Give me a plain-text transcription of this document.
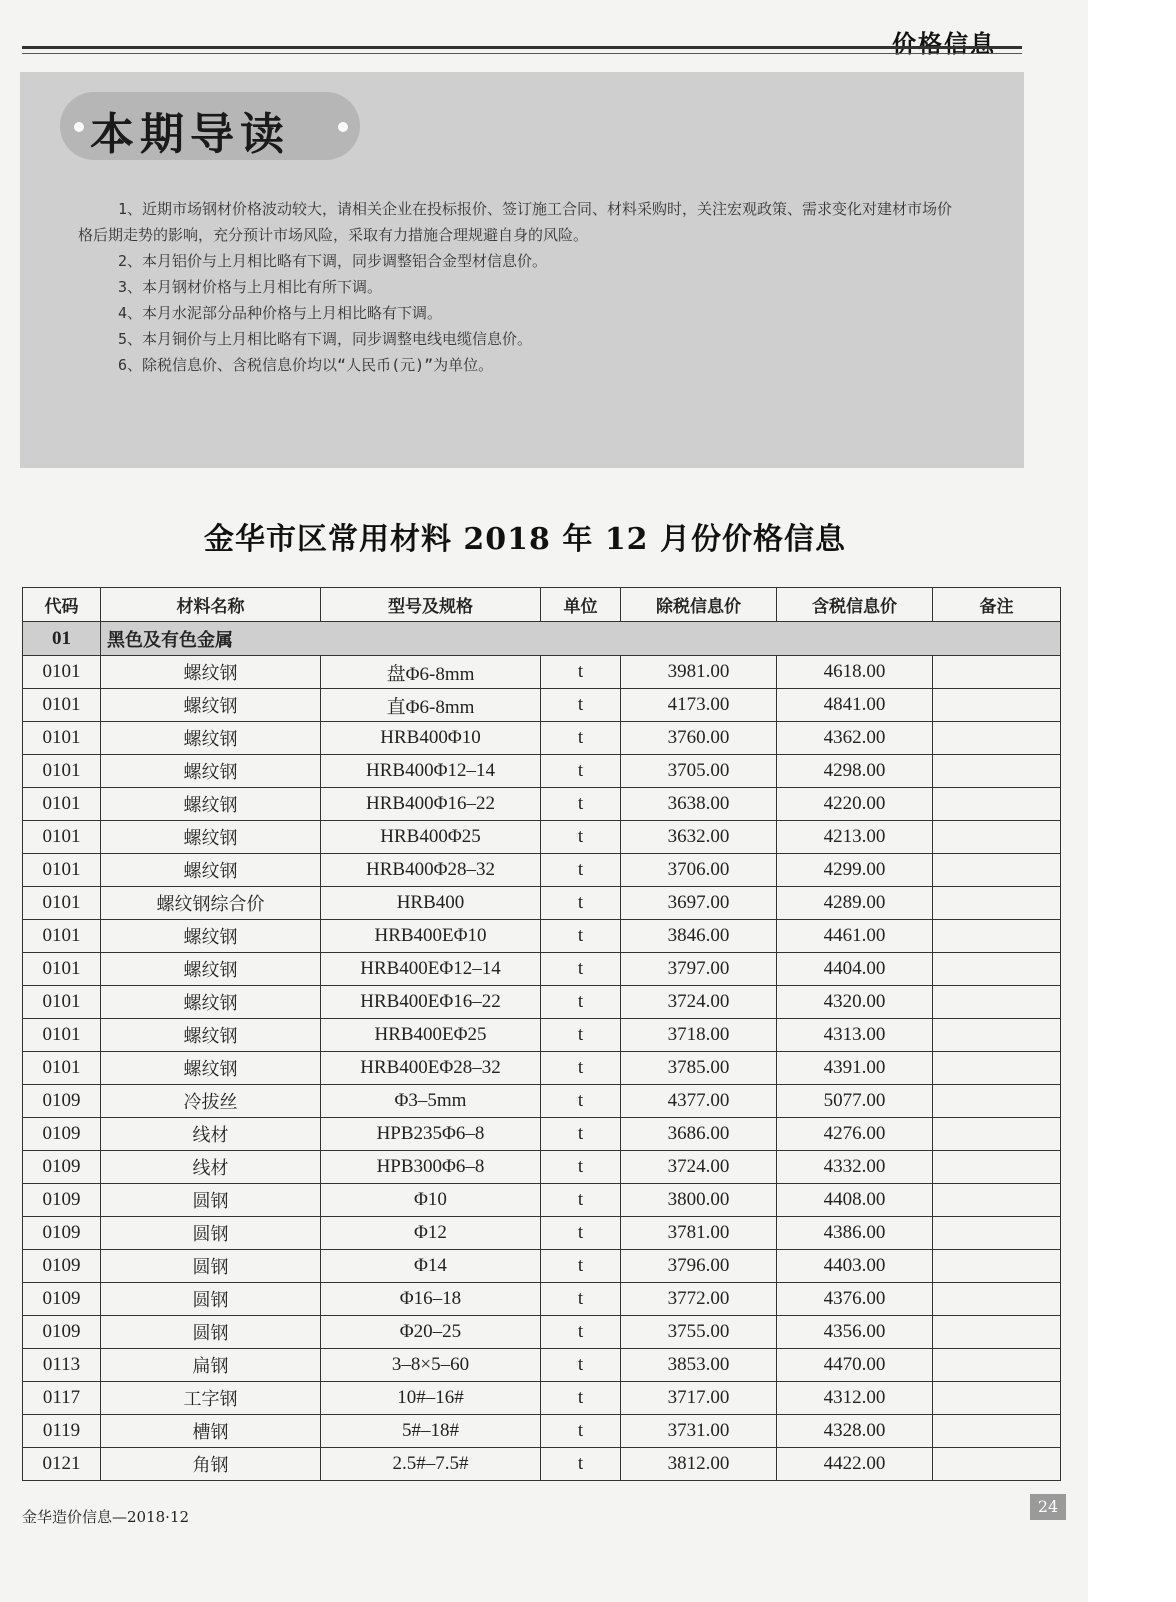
价格信息
本期导读

1、近期市场钢材价格波动较大，请相关企业在投标报价、签订施工合同、材料采购时，关注宏观政策、需求变化对建材市场价格后期走势的影响，充分预计市场风险，采取有力措施合理规避自身的风险。

2、本月铝价与上月相比略有下调，同步调整铝合金型材信息价。

3、本月钢材价格与上月相比有所下调。

4、本月水泥部分品种价格与上月相比略有下调。

5、本月铜价与上月相比略有下调，同步调整电线电缆信息价。

6、除税信息价、含税信息价均以“人民币(元)”为单位。

金华市区常用材料 2018 年 12 月份价格信息
代码	材料名称	型号及规格	单位	除税信息价	含税信息价	备注
01	黑色及有色金属					
0101	螺纹钢	盘Φ6-8mm	t	3981.00	4618.00	
0101	螺纹钢	直Φ6-8mm	t	4173.00	4841.00	
0101	螺纹钢	HRB400Φ10	t	3760.00	4362.00	
0101	螺纹钢	HRB400Φ12–14	t	3705.00	4298.00	
0101	螺纹钢	HRB400Φ16–22	t	3638.00	4220.00	
0101	螺纹钢	HRB400Φ25	t	3632.00	4213.00	
0101	螺纹钢	HRB400Φ28–32	t	3706.00	4299.00	
0101	螺纹钢综合价	HRB400	t	3697.00	4289.00	
0101	螺纹钢	HRB400EΦ10	t	3846.00	4461.00	
0101	螺纹钢	HRB400EΦ12–14	t	3797.00	4404.00	
0101	螺纹钢	HRB400EΦ16–22	t	3724.00	4320.00	
0101	螺纹钢	HRB400EΦ25	t	3718.00	4313.00	
0101	螺纹钢	HRB400EΦ28–32	t	3785.00	4391.00	
0109	冷拔丝	Φ3–5mm	t	4377.00	5077.00	
0109	线材	HPB235Φ6–8	t	3686.00	4276.00	
0109	线材	HPB300Φ6–8	t	3724.00	4332.00	
0109	圆钢	Φ10	t	3800.00	4408.00	
0109	圆钢	Φ12	t	3781.00	4386.00	
0109	圆钢	Φ14	t	3796.00	4403.00	
0109	圆钢	Φ16–18	t	3772.00	4376.00	
0109	圆钢	Φ20–25	t	3755.00	4356.00	
0113	扁钢	3–8×5–60	t	3853.00	4470.00	
0117	工字钢	10#–16#	t	3717.00	4312.00	
0119	槽钢	5#–18#	t	3731.00	4328.00	
0121	角钢	2.5#–7.5#	t	3812.00	4422.00	
金华造价信息—2018·12
24
